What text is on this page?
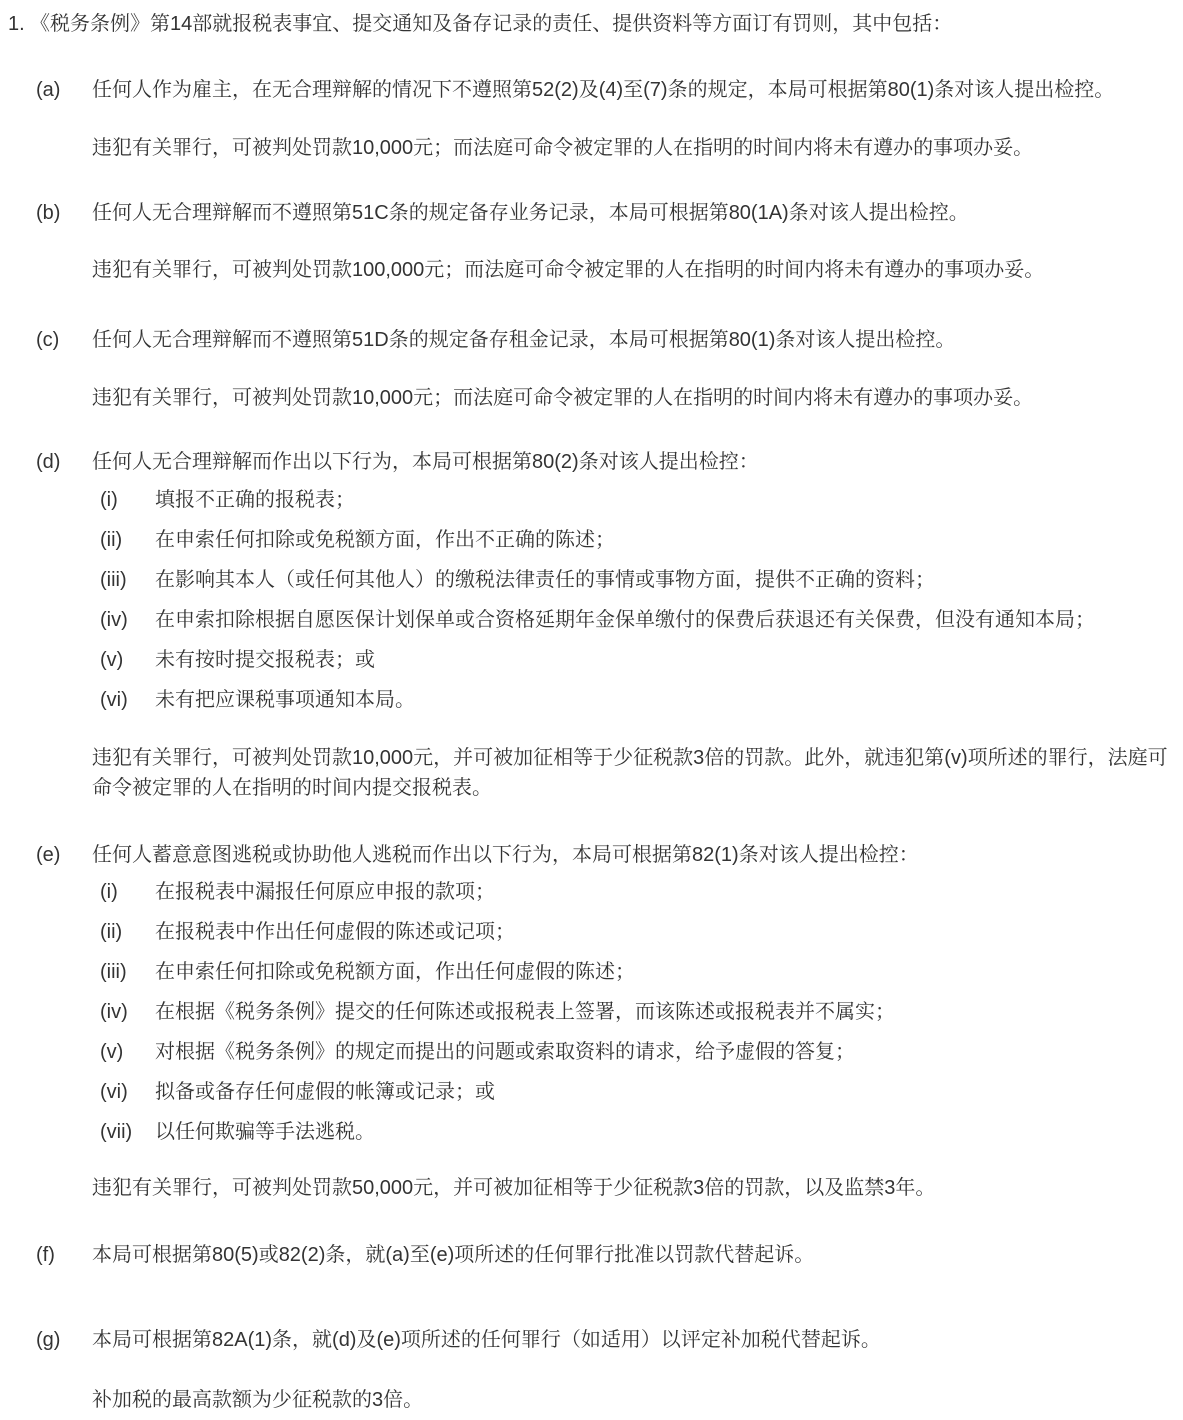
1. 《税务条例》第14部就报税表事宜、提交通知及备存记录的责任、提供资料等方面订有罚则，其中包括：

(a)	任何人作为雇主，在无合理辩解的情况下不遵照第52(2)及(4)至(7)条的规定，本局可根据第80(1)条对该人提出检控。

违犯有关罪行，可被判处罚款10,000元；而法庭可命令被定罪的人在指明的时间内将未有遵办的事项办妥。

(b)	任何人无合理辩解而不遵照第51C条的规定备存业务记录，本局可根据第80(1A)条对该人提出检控。

违犯有关罪行，可被判处罚款100,000元；而法庭可命令被定罪的人在指明的时间内将未有遵办的事项办妥。

(c)	任何人无合理辩解而不遵照第51D条的规定备存租金记录，本局可根据第80(1)条对该人提出检控。

违犯有关罪行，可被判处罚款10,000元；而法庭可命令被定罪的人在指明的时间内将未有遵办的事项办妥。

(d)	任何人无合理辩解而作出以下行为，本局可根据第80(2)条对该人提出检控：

(i)	填报不正确的报税表；

(ii)	在申索任何扣除或免税额方面，作出不正确的陈述；

(iii)	在影响其本人（或任何其他人）的缴税法律责任的事情或事物方面，提供不正确的资料；

(iv)	在申索扣除根据自愿医保计划保单或合资格延期年金保单缴付的保费后获退还有关保费，但没有通知本局；

(v)	未有按时提交报税表；或

(vi)	未有把应课税事项通知本局。

违犯有关罪行，可被判处罚款10,000元，并可被加征相等于少征税款3倍的罚款。此外，就违犯第(v)项所述的罪行，法庭可命令被定罪的人在指明的时间内提交报税表。

(e)	任何人蓄意意图逃税或协助他人逃税而作出以下行为，本局可根据第82(1)条对该人提出检控：

(i)	在报税表中漏报任何原应申报的款项；

(ii)	在报税表中作出任何虚假的陈述或记项；

(iii)	在申索任何扣除或免税额方面，作出任何虚假的陈述；

(iv)	在根据《税务条例》提交的任何陈述或报税表上签署，而该陈述或报税表并不属实；

(v)	对根据《税务条例》的规定而提出的问题或索取资料的请求，给予虚假的答复；

(vi)	拟备或备存任何虚假的帐簿或记录；或

(vii)	以任何欺骗等手法逃税。

违犯有关罪行，可被判处罚款50,000元，并可被加征相等于少征税款3倍的罚款，以及监禁3年。

(f)	本局可根据第80(5)或82(2)条，就(a)至(e)项所述的任何罪行批准以罚款代替起诉。

(g)	本局可根据第82A(1)条，就(d)及(e)项所述的任何罪行（如适用）以评定补加税代替起诉。

补加税的最高款额为少征税款的3倍。
